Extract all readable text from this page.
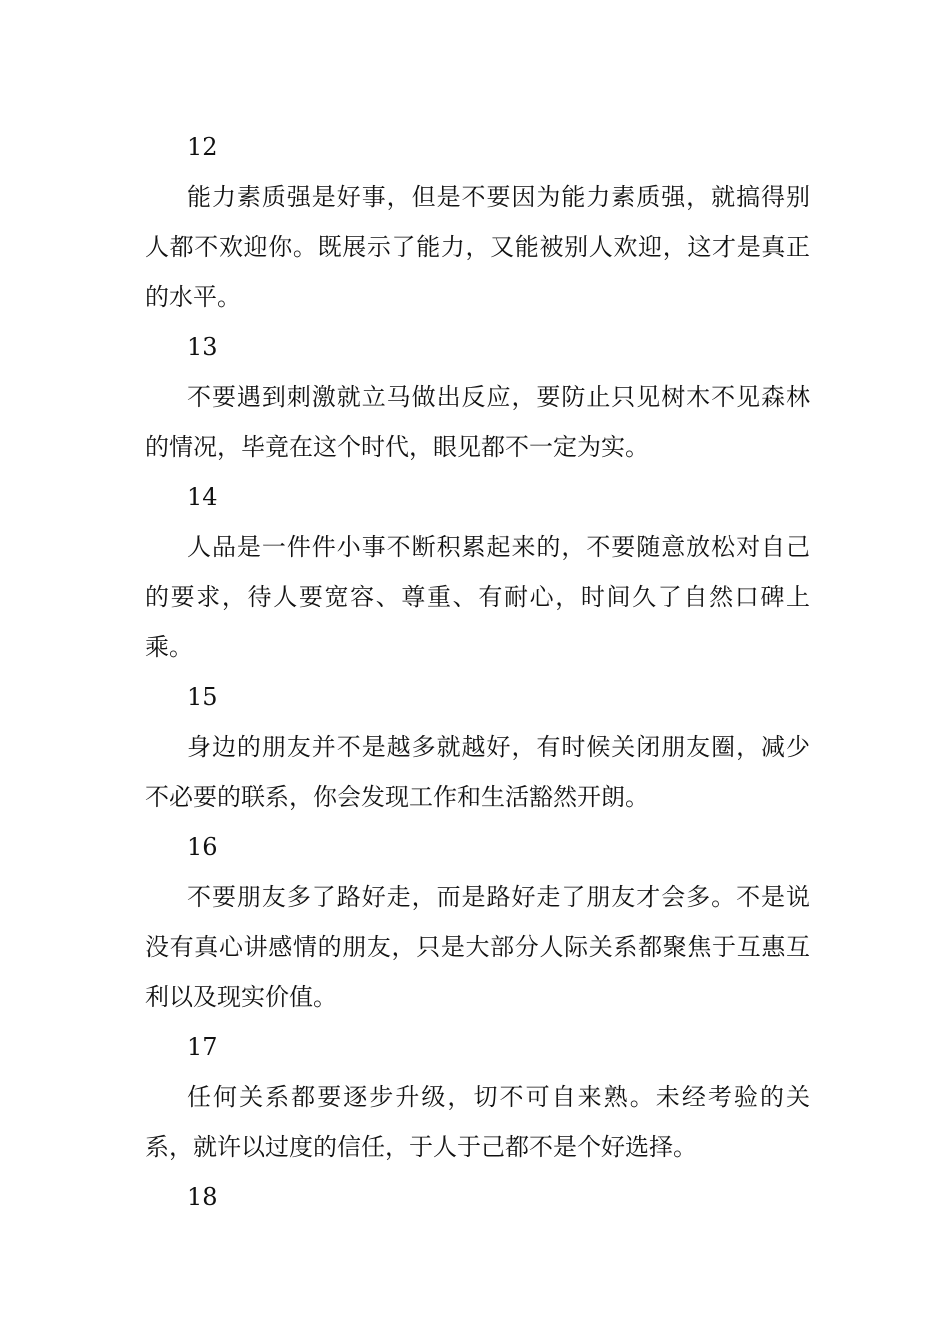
12

能力素质强是好事，但是不要因为能力素质强，就搞得别人都不欢迎你。既展示了能力，又能被别人欢迎，这才是真正的水平。

13

不要遇到刺激就立马做出反应，要防止只见树木不见森林的情况，毕竟在这个时代，眼见都不一定为实。

14

人品是一件件小事不断积累起来的，不要随意放松对自己的要求，待人要宽容、尊重、有耐心，时间久了自然口碑上乘。

15

身边的朋友并不是越多就越好，有时候关闭朋友圈，减少不必要的联系，你会发现工作和生活豁然开朗。

16

不要朋友多了路好走，而是路好走了朋友才会多。不是说没有真心讲感情的朋友，只是大部分人际关系都聚焦于互惠互利以及现实价值。

17

任何关系都要逐步升级，切不可自来熟。未经考验的关系，就许以过度的信任，于人于己都不是个好选择。

18
